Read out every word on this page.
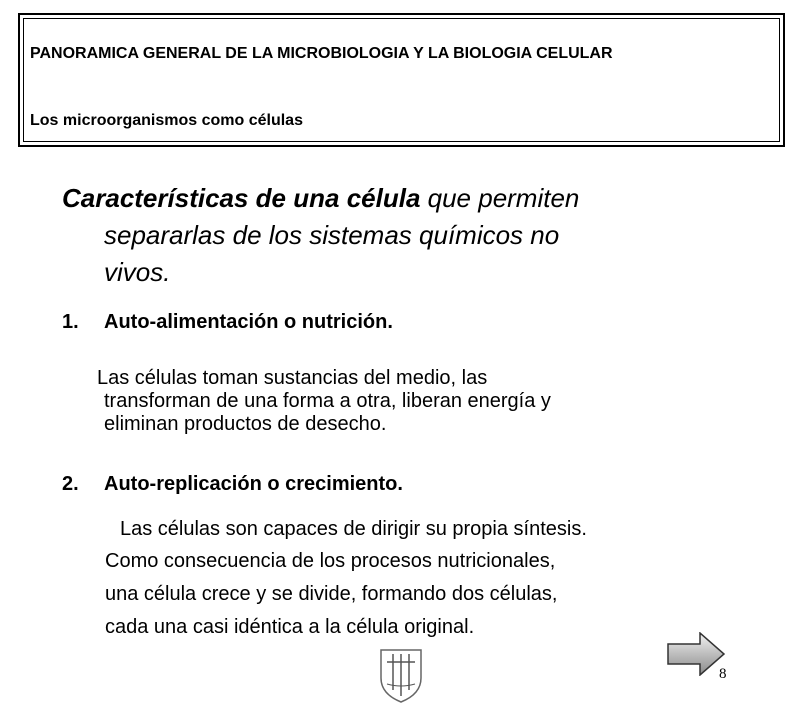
PANORAMICA GENERAL DE LA MICROBIOLOGIA Y LA BIOLOGIA CELULAR
Los microorganismos como células
Características de una célula que permiten
separarlas de los sistemas químicos no
vivos.
1. Auto-alimentación o nutrición.
Las células toman sustancias del medio, las
transforman de una forma a otra, liberan energía y
eliminan productos de desecho.
2. Auto-replicación o crecimiento.
Las células son capaces de dirigir su propia síntesis.
Como consecuencia de los procesos nutricionales,
una célula crece y se divide, formando dos células,
cada una casi idéntica a la célula original.
8
